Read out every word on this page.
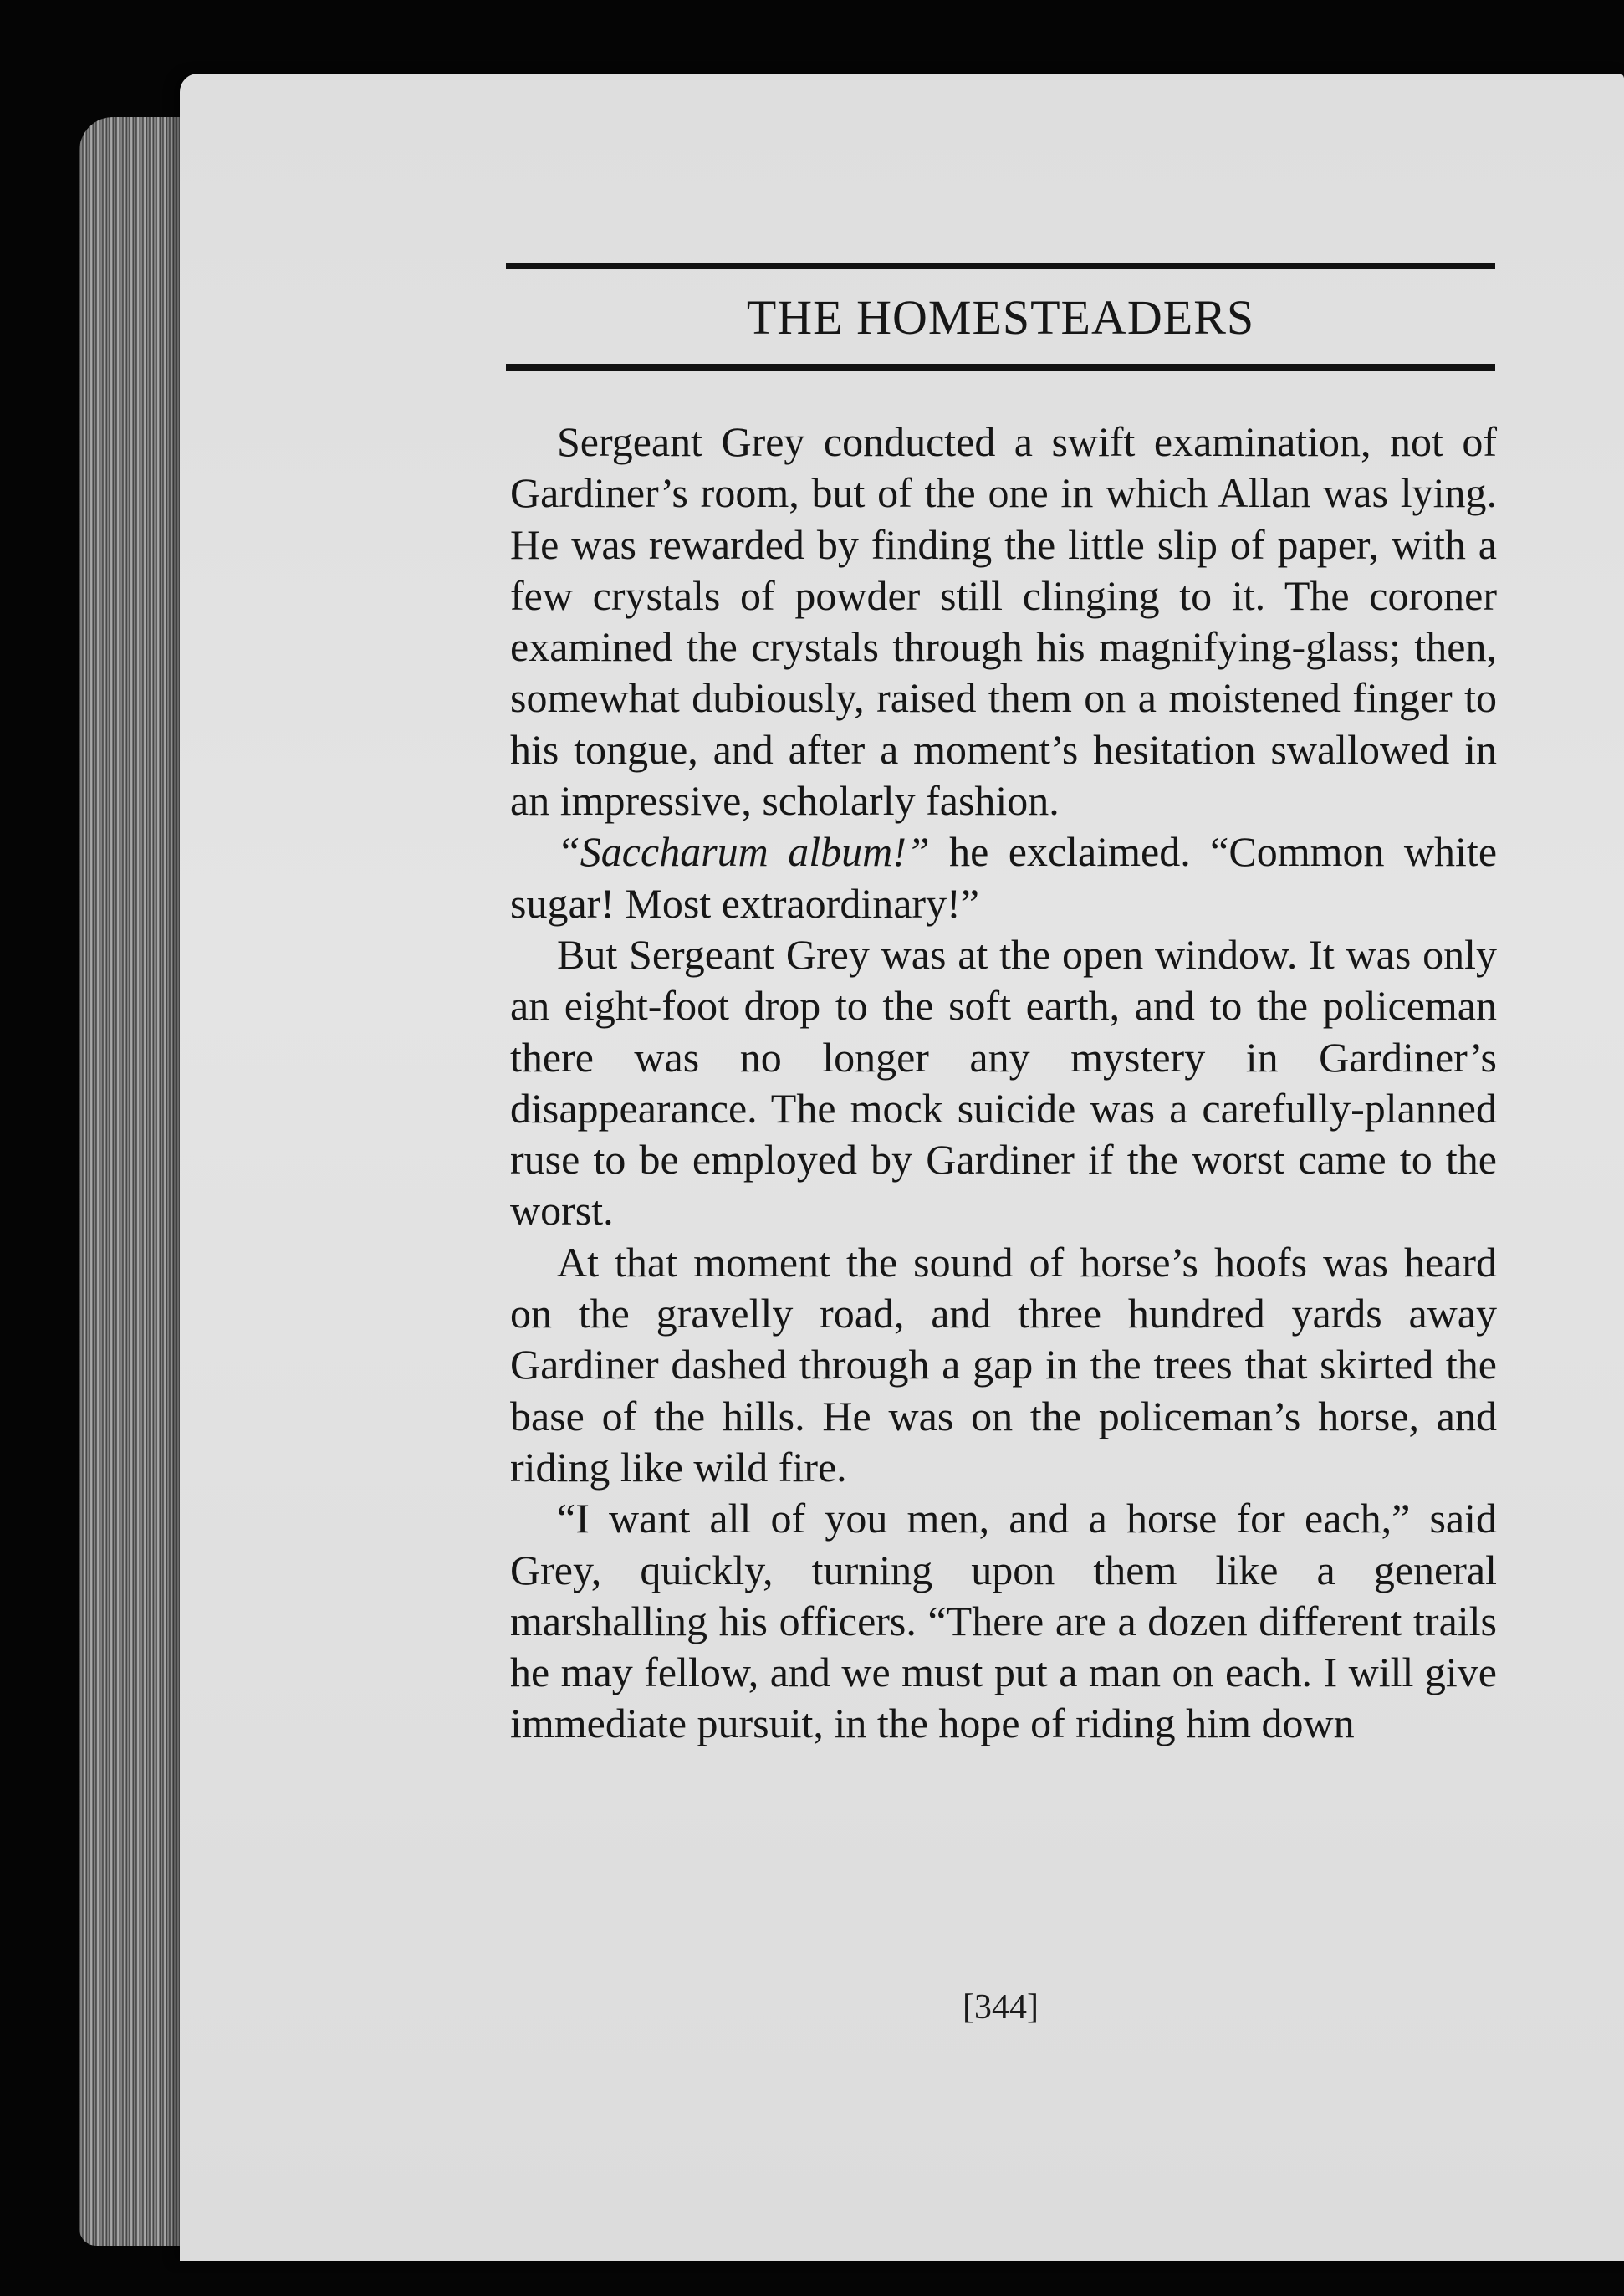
THE HOMESTEADERS

Sergeant Grey conducted a swift examination, not of Gardiner’s room, but of the one in which Allan was lying. He was rewarded by finding the little slip of paper, with a few crystals of powder still clinging to it. The coroner examined the crystals through his magnifying-glass; then, somewhat dubiously, raised them on a moistened finger to his tongue, and after a moment’s hesitation swallowed in an impressive, scholarly fashion.

“Saccharum album!” he exclaimed. “Common white sugar! Most extraordinary!”

But Sergeant Grey was at the open window. It was only an eight-foot drop to the soft earth, and to the policeman there was no longer any mystery in Gardiner’s disappearance. The mock suicide was a carefully-planned ruse to be employed by Gardiner if the worst came to the worst.

At that moment the sound of horse’s hoofs was heard on the gravelly road, and three hundred yards away Gardiner dashed through a gap in the trees that skirted the base of the hills. He was on the policeman’s horse, and riding like wild fire.

“I want all of you men, and a horse for each,” said Grey, quickly, turning upon them like a general marshalling his officers. “There are a dozen different trails he may fellow, and we must put a man on each. I will give immediate pursuit, in the hope of riding him down

[344]
